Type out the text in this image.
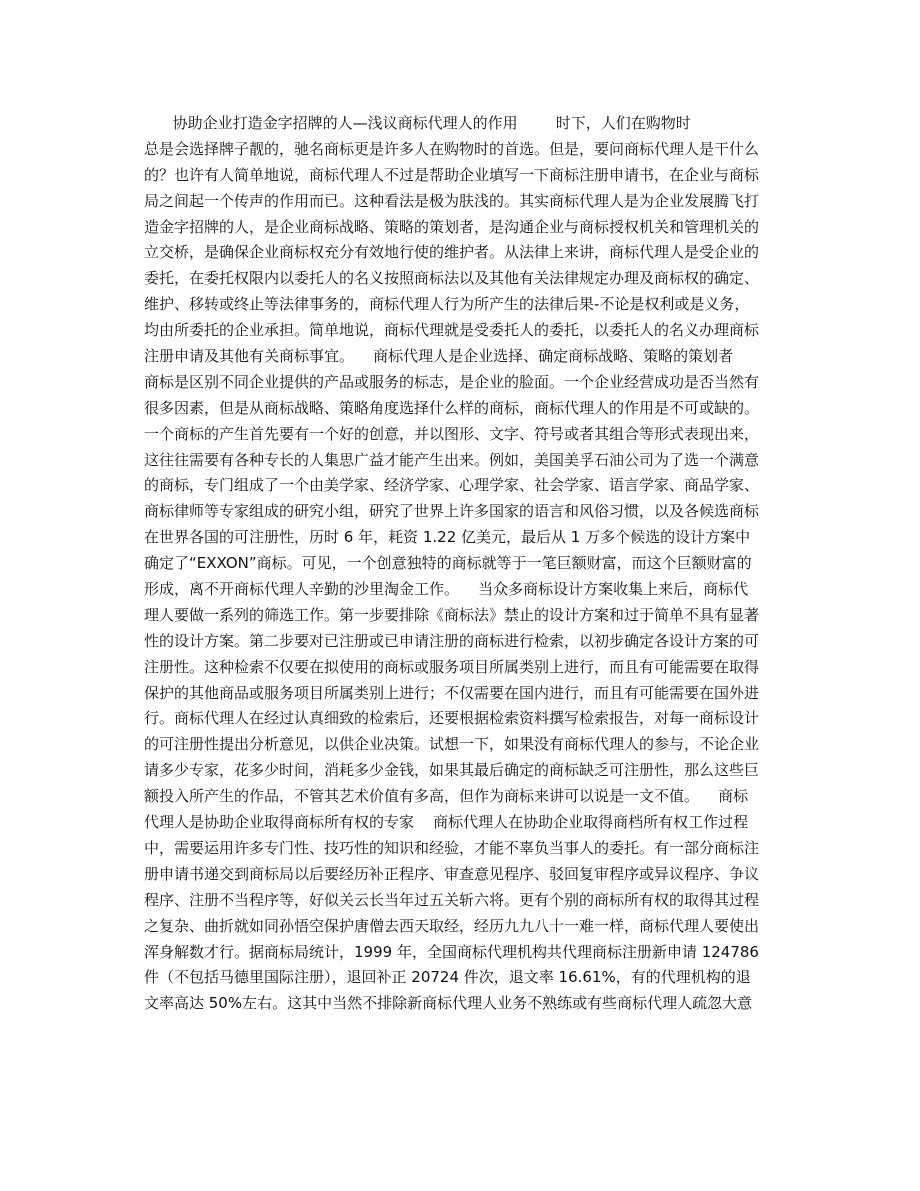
协助企业打造金字招牌的人—浅议商标代理人的作用        时下，人们在购物时
总是会选择牌子靓的，驰名商标更是许多人在购物时的首选。但是，要问商标代理人是干什么
的？也许有人简单地说，商标代理人不过是帮助企业填写一下商标注册申请书，在企业与商标
局之间起一个传声的作用而已。这种看法是极为肤浅的。其实商标代理人是为企业发展腾飞打
造金字招牌的人，是企业商标战略、策略的策划者，是沟通企业与商标授权机关和管理机关的
立交桥，是确保企业商标权充分有效地行使的维护者。从法律上来讲，商标代理人是受企业的
委托，在委托权限内以委托人的名义按照商标法以及其他有关法律规定办理及商标权的确定、
维护、移转或终止等法律事务的，商标代理人行为所产生的法律后果-不论是权利或是义务，
均由所委托的企业承担。简单地说，商标代理就是受委托人的委托，以委托人的名义办理商标
注册申请及其他有关商标事宜。    商标代理人是企业选择、确定商标战略、策略的策划者
商标是区别不同企业提供的产品或服务的标志，是企业的脸面。一个企业经营成功是否当然有
很多因素，但是从商标战略、策略角度选择什么样的商标，商标代理人的作用是不可或缺的。
一个商标的产生首先要有一个好的创意，并以图形、文字、符号或者其组合等形式表现出来，
这往往需要有各种专长的人集思广益才能产生出来。例如，美国美孚石油公司为了选一个满意
的商标，专门组成了一个由美学家、经济学家、心理学家、社会学家、语言学家、商品学家、
商标律师等专家组成的研究小组，研究了世界上许多国家的语言和风俗习惯，以及各候选商标
在世界各国的可注册性，历时 6 年，耗资 1.22 亿美元，最后从 1 万多个候选的设计方案中
确定了“EXXON”商标。可见，一个创意独特的商标就等于一笔巨额财富，而这个巨额财富的
形成，离不开商标代理人辛勤的沙里淘金工作。    当众多商标设计方案收集上来后，商标代
理人要做一系列的筛选工作。第一步要排除《商标法》禁止的设计方案和过于简单不具有显著
性的设计方案。第二步要对已注册或已申请注册的商标进行检索，以初步确定各设计方案的可
注册性。这种检索不仅要在拟使用的商标或服务项目所属类别上进行，而且有可能需要在取得
保护的其他商品或服务项目所属类别上进行；不仅需要在国内进行，而且有可能需要在国外进
行。商标代理人在经过认真细致的检索后，还要根据检索资料撰写检索报告，对每一商标设计
的可注册性提出分析意见，以供企业决策。试想一下，如果没有商标代理人的参与，不论企业
请多少专家，花多少时间，消耗多少金钱，如果其最后确定的商标缺乏可注册性，那么这些巨
额投入所产生的作品，不管其艺术价值有多高，但作为商标来讲可以说是一文不值。    商标
代理人是协助企业取得商标所有权的专家    商标代理人在协助企业取得商档所有权工作过程
中，需要运用许多专门性、技巧性的知识和经验，才能不辜负当事人的委托。有一部分商标注
册申请书递交到商标局以后要经历补正程序、审查意见程序、驳回复审程序或异议程序、争议
程序、注册不当程序等，好似关云长当年过五关斩六将。更有个别的商标所有权的取得其过程
之复杂、曲折就如同孙悟空保护唐僧去西天取经，经历九九八十一难一样，商标代理人要使出
浑身解数才行。据商标局统计，1999 年，全国商标代理机构共代理商标注册新申请 124786
件（不包括马德里国际注册），退回补正 20724 件次，退文率 16.61%，有的代理机构的退
文率高达 50%左右。这其中当然不排除新商标代理人业务不熟练或有些商标代理人疏忽大意
